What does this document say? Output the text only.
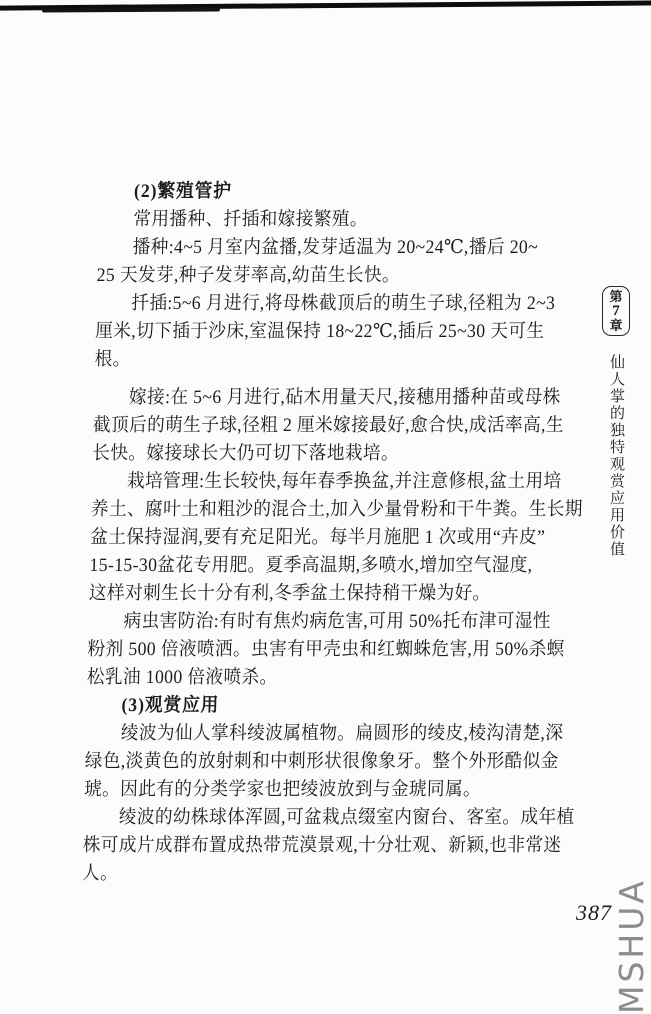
(2)繁殖管护
常用播种、扦插和嫁接繁殖。
播种:4~5 月室内盆播,发芽适温为 20~24℃,播后 20~
25 天发芽,种子发芽率高,幼苗生长快。
扦插:5~6 月进行,将母株截顶后的萌生子球,径粗为 2~3
厘米,切下插于沙床,室温保持 18~22℃,插后 25~30 天可生
根。
嫁接:在 5~6 月进行,砧木用量天尺,接穗用播种苗或母株
截顶后的萌生子球,径粗 2 厘米嫁接最好,愈合快,成活率高,生
长快。嫁接球长大仍可切下落地栽培。
栽培管理:生长较快,每年春季换盆,并注意修根,盆土用培
养土、腐叶土和粗沙的混合土,加入少量骨粉和干牛粪。生长期
盆土保持湿润,要有充足阳光。每半月施肥 1 次或用“卉皮”
15-15-30盆花专用肥。夏季高温期,多喷水,增加空气湿度,
这样对刺生长十分有利,冬季盆土保持稍干燥为好。
病虫害防治:有时有焦灼病危害,可用 50%托布津可湿性
粉剂 500 倍液喷洒。虫害有甲壳虫和红蜘蛛危害,用 50%杀螟
松乳油 1000 倍液喷杀。
(3)观赏应用
绫波为仙人掌科绫波属植物。扁圆形的绫皮,棱沟清楚,深
绿色,淡黄色的放射刺和中刺形状很像象牙。整个外形酷似金
琥。因此有的分类学家也把绫波放到与金琥同属。
绫波的幼株球体浑圆,可盆栽点缀室内窗台、客室。成年植
株可成片成群布置成热带荒漠景观,十分壮观、新颖,也非常迷
人。
第
7
章
仙人掌的独特观赏应用价值
387 MSHUA
